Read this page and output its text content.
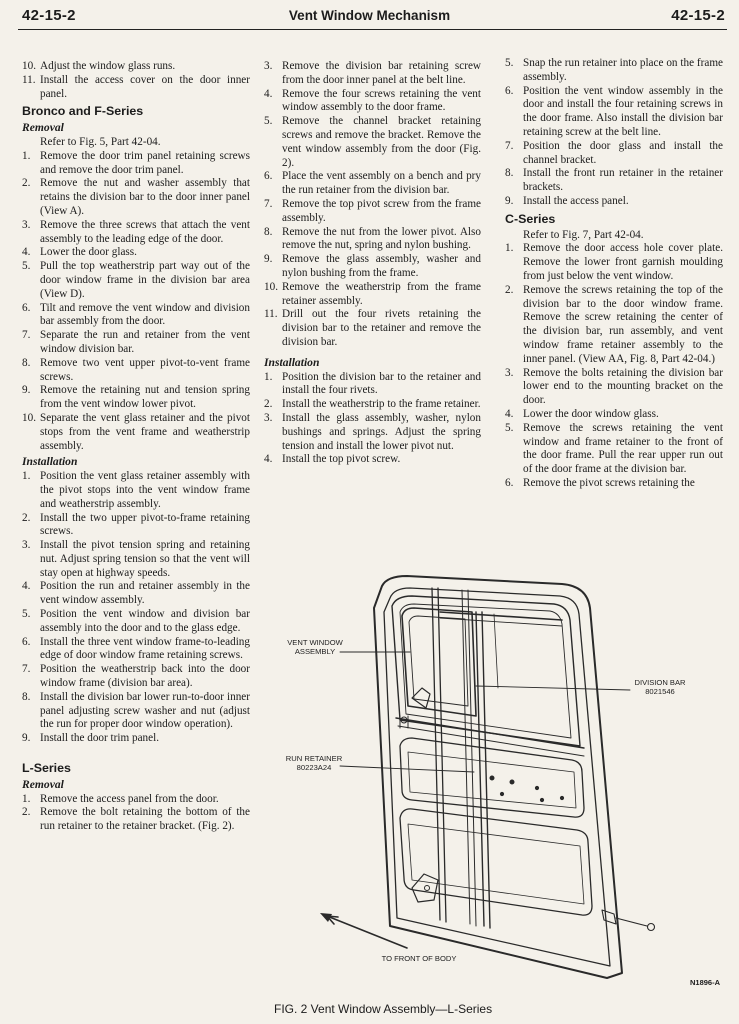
42-15-2	Vent Window Mechanism	42-15-2
10. Adjust the window glass runs.
11. Install the access cover on the door inner panel.
Bronco and F-Series
Removal
Refer to Fig. 5, Part 42-04.
1. Remove the door trim panel retaining screws and remove the door trim panel.
2. Remove the nut and washer assembly that retains the division bar to the door inner panel (View A).
3. Remove the three screws that attach the vent assembly to the leading edge of the door.
4. Lower the door glass.
5. Pull the top weatherstrip part way out of the door window frame in the division bar area (View D).
6. Tilt and remove the vent window and division bar assembly from the door.
7. Separate the run and retainer from the vent window division bar.
8. Remove two vent upper pivot-to-vent frame screws.
9. Remove the retaining nut and tension spring from the vent window lower pivot.
10. Separate the vent glass retainer and the pivot stops from the vent frame and weatherstrip assembly.
Installation
1. Position the vent glass retainer assembly with the pivot stops into the vent window frame and weatherstrip assembly.
2. Install the two upper pivot-to-frame retaining screws.
3. Install the pivot tension spring and retaining nut. Adjust spring tension so that the vent will stay open at highway speeds.
4. Position the run and retainer assembly in the vent window assembly.
5. Position the vent window and division bar assembly into the door and to the glass edge.
6. Install the three vent window frame-to-leading edge of door window frame retaining screws.
7. Position the weatherstrip back into the door window frame (division bar area).
8. Install the division bar lower run-to-door inner panel adjusting screw washer and nut (adjust the run for proper door window operation).
9. Install the door trim panel.
L-Series
Removal
1. Remove the access panel from the door.
2. Remove the bolt retaining the bottom of the run retainer to the retainer bracket. (Fig. 2).
3. Remove the division bar retaining screw from the door inner panel at the belt line.
4. Remove the four screws retaining the vent window assembly to the door frame.
5. Remove the channel bracket retaining screws and remove the bracket. Remove the vent window assembly from the door (Fig. 2).
6. Place the vent assembly on a bench and pry the run retainer from the division bar.
7. Remove the top pivot screw from the frame assembly.
8. Remove the nut from the lower pivot. Also remove the nut, spring and nylon bushing.
9. Remove the glass assembly, washer and nylon bushing from the frame.
10. Remove the weatherstrip from the frame retainer assembly.
11. Drill out the four rivets retaining the division bar to the retainer and remove the division bar.
Installation
1. Position the division bar to the retainer and install the four rivets.
2. Install the weatherstrip to the frame retainer.
3. Install the glass assembly, washer, nylon bushings and springs. Adjust the spring tension and install the lower pivot nut.
4. Install the top pivot screw.
5. Snap the run retainer into place on the frame assembly.
6. Position the vent window assembly in the door and install the four retaining screws in the door frame. Also install the division bar retaining screw at the belt line.
7. Position the door glass and install the channel bracket.
8. Install the front run retainer in the retainer brackets.
9. Install the access panel.
C-Series
Refer to Fig. 7, Part 42-04.
1. Remove the door access hole cover plate. Remove the lower front garnish moulding from just below the vent window.
2. Remove the screws retaining the top of the division bar to the door window frame. Remove the screw retaining the center of the division bar, run assembly, and vent window frame retainer assembly to the inner panel. (View AA, Fig. 8, Part 42-04.)
3. Remove the bolts retaining the division bar lower end to the mounting bracket on the door.
4. Lower the door window glass.
5. Remove the screws retaining the vent window and frame retainer to the front of the door frame. Pull the rear upper run out of the door frame at the division bar.
6. Remove the pivot screws retaining the
VENT WINDOW
ASSEMBLY
DIVISION BAR
8021546
RUN RETAINER
80223A24
TO FRONT OF BODY
N1896-A
FIG. 2 Vent Window Assembly—L-Series
